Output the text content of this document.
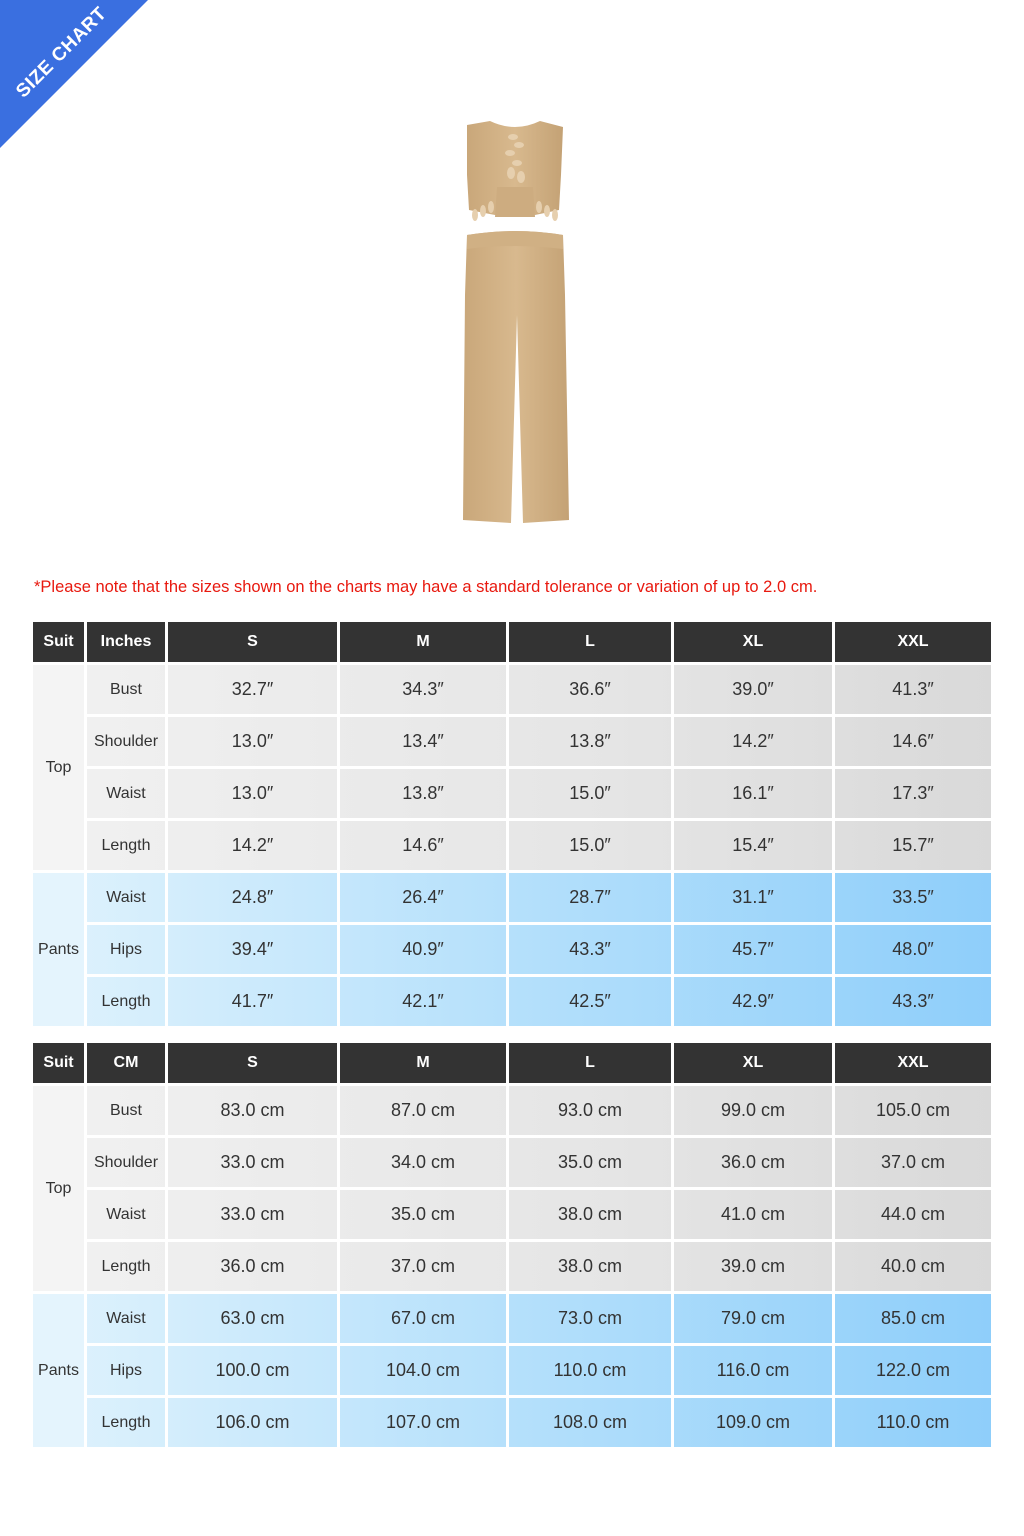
SIZE CHART
*Please note that the sizes shown on the charts may have a standard tolerance or variation of up to 2.0 cm.
Suit	Inches	S	M	L	XL	XXL
Top	Bust	32.7″	34.3″	36.6″	39.0″	41.3″
	Shoulder	13.0″	13.4″	13.8″	14.2″	14.6″
	Waist	13.0″	13.8″	15.0″	16.1″	17.3″
	Length	14.2″	14.6″	15.0″	15.4″	15.7″
Pants	Waist	24.8″	26.4″	28.7″	31.1″	33.5″
	Hips	39.4″	40.9″	43.3″	45.7″	48.0″
	Length	41.7″	42.1″	42.5″	42.9″	43.3″
Suit	CM	S	M	L	XL	XXL
Top	Bust	83.0 cm	87.0 cm	93.0 cm	99.0 cm	105.0 cm
	Shoulder	33.0 cm	34.0 cm	35.0 cm	36.0 cm	37.0 cm
	Waist	33.0 cm	35.0 cm	38.0 cm	41.0 cm	44.0 cm
	Length	36.0 cm	37.0 cm	38.0 cm	39.0 cm	40.0 cm
Pants	Waist	63.0 cm	67.0 cm	73.0 cm	79.0 cm	85.0 cm
	Hips	100.0 cm	104.0 cm	110.0 cm	116.0 cm	122.0 cm
	Length	106.0 cm	107.0 cm	108.0 cm	109.0 cm	110.0 cm
